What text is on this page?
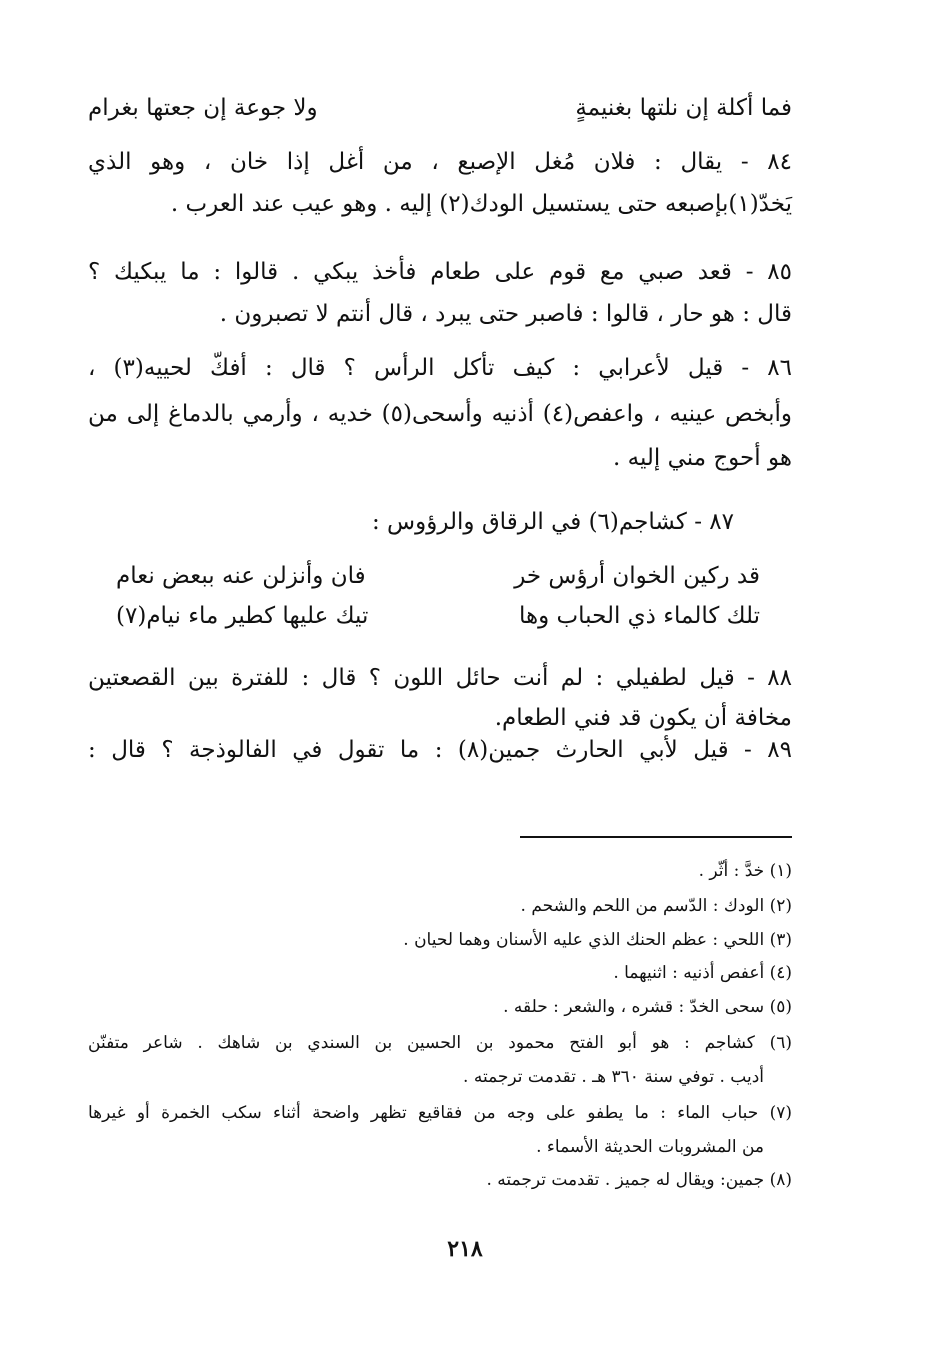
فما أكلة إن نلتها بغنيمةٍ
ولا جوعة إن جعتها بغرام
٨٤ - يقال : فلان مُغل الإصبع ، من أغل إذا خان ، وهو الذي
يَخدّ(١)بإصبعه حتى يستسيل الودك(٢) إليه . وهو عيب عند العرب .
٨٥ - قعد صبي مع قوم على طعام فأخذ يبكي . قالوا : ما يبكيك ؟
قال : هو حار ، قالوا : فاصبر حتى يبرد ، قال أنتم لا تصبرون .
٨٦ - قيل لأعرابي : كيف تأكل الرأس ؟ قال : أفكّ لحييه(٣) ،
وأبخص عينيه ، واعفص(٤) أذنيه وأسحى(٥) خديه ، وأرمي بالدماغ إلى من
هو أحوج مني إليه .
٨٧ - كشاجم(٦) في الرقاق والرؤوس :
قد ركين الخوان أرؤس خر
فان وأنزلن عنه ببعض نعام
تلك كالماء ذي الحباب وها
تيك عليها كطير ماء نيام(٧)
٨٨ - قيل لطفيلي : لم أنت حائل اللون ؟ قال : للفترة بين القصعتين
مخافة أن يكون قد فني الطعام.
٨٩ - قيل لأبي الحارث جمين(٨) : ما تقول في الفالوذجة ؟ قال :
(١) خدَّ : أثّر .
(٢) الودك : الدّسم من اللحم والشحم .
(٣) اللحي : عظم الحنك الذي عليه الأسنان وهما لحيان .
(٤) أعفص أذنيه : اثنيهما .
(٥) سحى الخدّ : قشره ، والشعر : حلقه .
(٦) كشاجم : هو أبو الفتح محمود بن الحسين بن السندي بن شاهك . شاعر متفنّن
أديب . توفي سنة ٣٦٠ هـ . تقدمت ترجمته .
(٧) حباب الماء : ما يطفو على وجه من فقاقيع تظهر واضحة أثناء سكب الخمرة أو غيرها
من المشروبات الحديثة الأسماء .
(٨) جمين: ويقال له جميز . تقدمت ترجمته .
٢١٨
